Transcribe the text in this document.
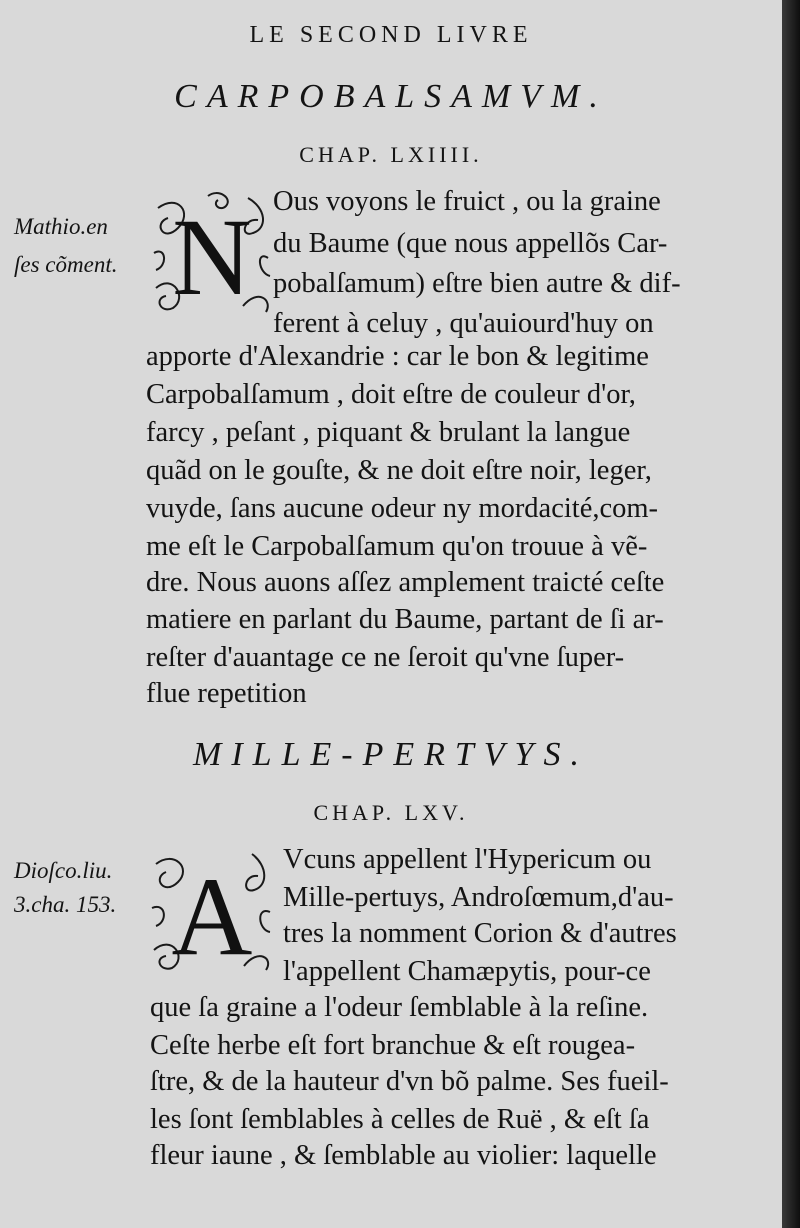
LE SECOND LIVRE
CARPOBALSAMVM.
CHAP. LXIIII.
Mathio.en
ſes cõment. N Ous voyons le fruict , ou la graine
du Baume (que nous appellõs Car-
pobalſamum) eſtre bien autre & dif-
ferent à celuy , qu'auiourd'huy on
apporte d'Alexandrie : car le bon & legitime
Carpobalſamum , doit eſtre de couleur d'or,
farcy , peſant , piquant & brulant la langue
quãd on le gouſte, & ne doit eſtre noir, leger,
vuyde, ſans aucune odeur ny mordacité,com-
me eſt le Carpobalſamum qu'on trouue à vẽ-
dre. Nous auons aſſez amplement traicté ceſte
matiere en parlant du Baume, partant de ſi ar-
reſter d'auantage ce ne ſeroit qu'vne ſuper-
flue repetition
MILLE-PERTVYS.
CHAP. LXV.
Dioſco.liu.
3.cha. 153. A Vcuns appellent l'Hypericum ou
Mille-pertuys, Androſœmum,d'au-
tres la nomment Corion & d'autres
l'appellent Chamæpytis, pour-ce
que ſa graine a l'odeur ſemblable à la reſine.
Ceſte herbe eſt fort branchue & eſt rougea-
ſtre, & de la hauteur d'vn bõ palme. Ses fueil-
les ſont ſemblables à celles de Ruë , & eſt ſa
fleur iaune , & ſemblable au violier: laquelle
